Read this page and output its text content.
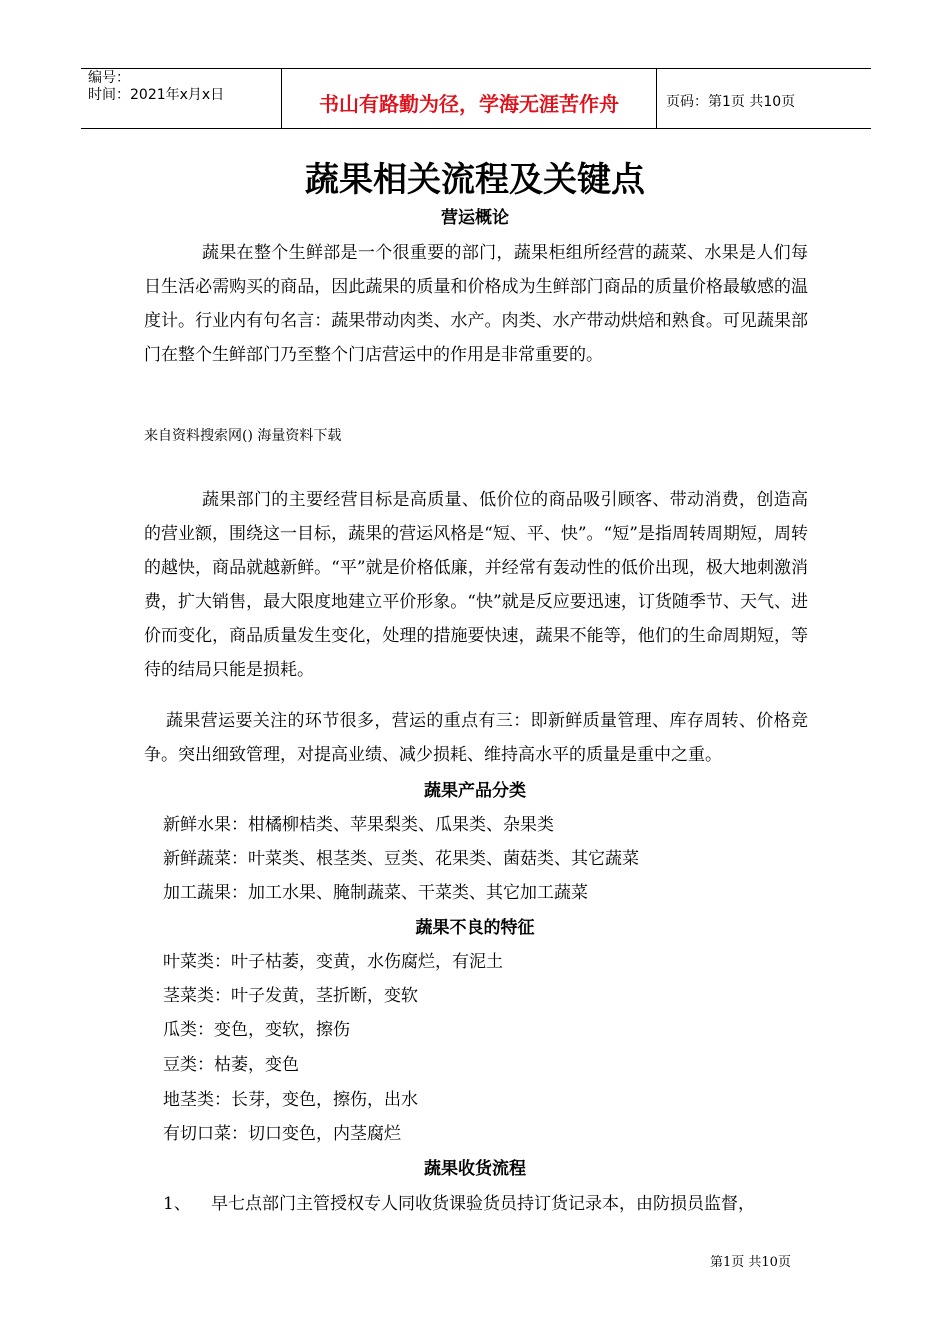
编号：
时间：2021年x月x日	书山有路勤为径，学海无涯苦作舟	页码：第1页 共10页
蔬果相关流程及关键点
营运概论
蔬果在整个生鲜部是一个很重要的部门，蔬果柜组所经营的蔬菜、水果是人们每日生活必需购买的商品，因此蔬果的质量和价格成为生鲜部门商品的质量价格最敏感的温度计。行业内有句名言：蔬果带动肉类、水产。肉类、水产带动烘焙和熟食。可见蔬果部门在整个生鲜部门乃至整个门店营运中的作用是非常重要的。
来自资料搜索网() 海量资料下载
蔬果部门的主要经营目标是高质量、低价位的商品吸引顾客、带动消费，创造高的营业额，围绕这一目标，蔬果的营运风格是“短、平、快”。“短”是指周转周期短，周转的越快，商品就越新鲜。“平”就是价格低廉，并经常有轰动性的低价出现，极大地刺激消费，扩大销售，最大限度地建立平价形象。“快”就是反应要迅速，订货随季节、天气、进价而变化，商品质量发生变化，处理的措施要快速，蔬果不能等，他们的生命周期短，等待的结局只能是损耗。
蔬果营运要关注的环节很多，营运的重点有三：即新鲜质量管理、库存周转、价格竞争。突出细致管理，对提高业绩、减少损耗、维持高水平的质量是重中之重。
蔬果产品分类
新鲜水果：柑橘柳桔类、苹果梨类、瓜果类、杂果类
新鲜蔬菜：叶菜类、根茎类、豆类、花果类、菌菇类、其它蔬菜
加工蔬果：加工水果、腌制蔬菜、干菜类、其它加工蔬菜
蔬果不良的特征
叶菜类：叶子枯萎，变黄，水伤腐烂，有泥土
茎菜类：叶子发黄，茎折断，变软
瓜类：变色，变软，擦伤
豆类：枯萎，变色
地茎类：长芽，变色，擦伤，出水
有切口菜：切口变色，内茎腐烂
蔬果收货流程
1、 早七点部门主管授权专人同收货课验货员持订货记录本，由防损员监督，
第1页 共10页
